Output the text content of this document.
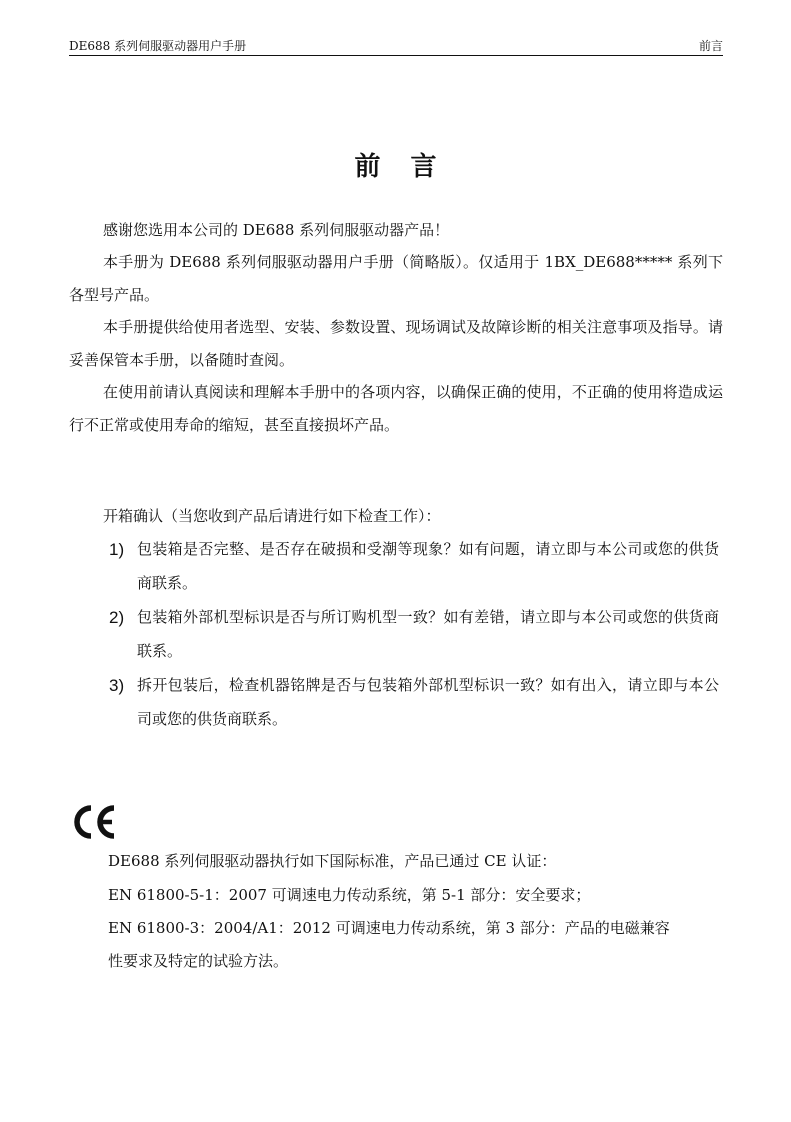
DE688 系列伺服驱动器用户手册	前言
前言
感谢您选用本公司的 DE688 系列伺服驱动器产品！
本手册为 DE688 系列伺服驱动器用户手册（简略版）。仅适用于 1BX_DE688***** 系列下各型号产品。
本手册提供给使用者选型、安装、参数设置、现场调试及故障诊断的相关注意事项及指导。请妥善保管本手册，以备随时查阅。
在使用前请认真阅读和理解本手册中的各项内容，以确保正确的使用，不正确的使用将造成运行不正常或使用寿命的缩短，甚至直接损坏产品。
开箱确认（当您收到产品后请进行如下检查工作）：
1) 包装箱是否完整、是否存在破损和受潮等现象？如有问题，请立即与本公司或您的供货商联系。
2) 包装箱外部机型标识是否与所订购机型一致？如有差错，请立即与本公司或您的供货商联系。
3) 拆开包装后，检查机器铭牌是否与包装箱外部机型标识一致？如有出入，请立即与本公司或您的供货商联系。
DE688 系列伺服驱动器执行如下国际标准，产品已通过 CE 认证：
EN 61800-5-1：2007 可调速电力传动系统，第 5-1 部分：安全要求；
EN 61800-3：2004/A1：2012 可调速电力传动系统，第 3 部分：产品的电磁兼容
性要求及特定的试验方法。
